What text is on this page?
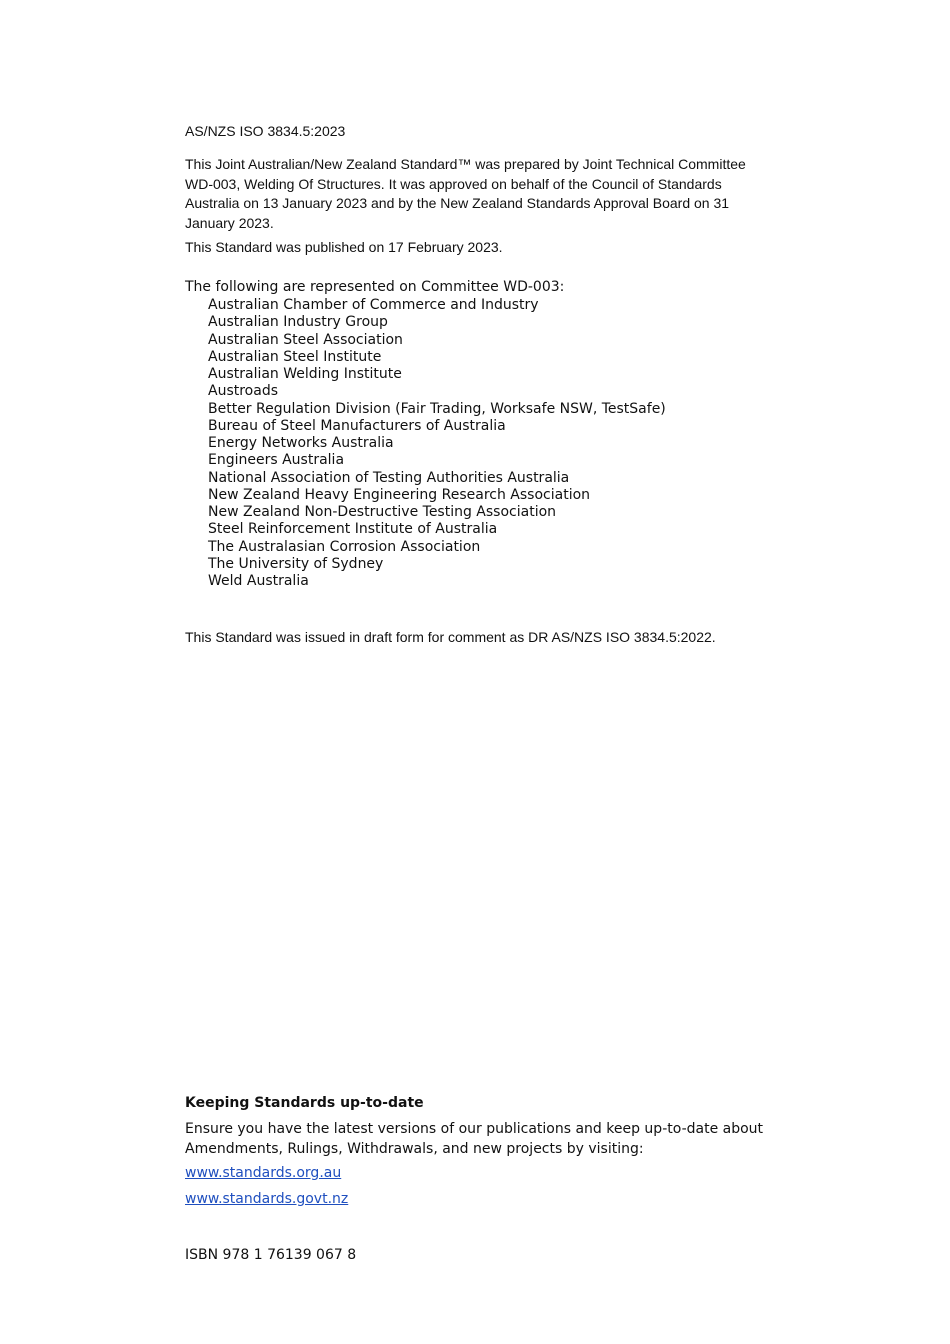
AS/NZS ISO 3834.5:2023

This Joint Australian/New Zealand Standard™ was prepared by Joint Technical Committee WD-003, Welding Of Structures. It was approved on behalf of the Council of Standards Australia on 13 January 2023 and by the New Zealand Standards Approval Board on 31 January 2023.

This Standard was published on 17 February 2023.

The following are represented on Committee WD-003:
Australian Chamber of Commerce and Industry
Australian Industry Group
Australian Steel Association
Australian Steel Institute
Australian Welding Institute
Austroads
Better Regulation Division (Fair Trading, Worksafe NSW, TestSafe)
Bureau of Steel Manufacturers of Australia
Energy Networks Australia
Engineers Australia
National Association of Testing Authorities Australia
New Zealand Heavy Engineering Research Association
New Zealand Non-Destructive Testing Association
Steel Reinforcement Institute of Australia
The Australasian Corrosion Association
The University of Sydney
Weld Australia

This Standard was issued in draft form for comment as DR AS/NZS ISO 3834.5:2022.

Keeping Standards up-to-date

Ensure you have the latest versions of our publications and keep up-to-date about Amendments, Rulings, Withdrawals, and new projects by visiting:

www.standards.org.au
www.standards.govt.nz
ISBN 978 1 76139 067 8
